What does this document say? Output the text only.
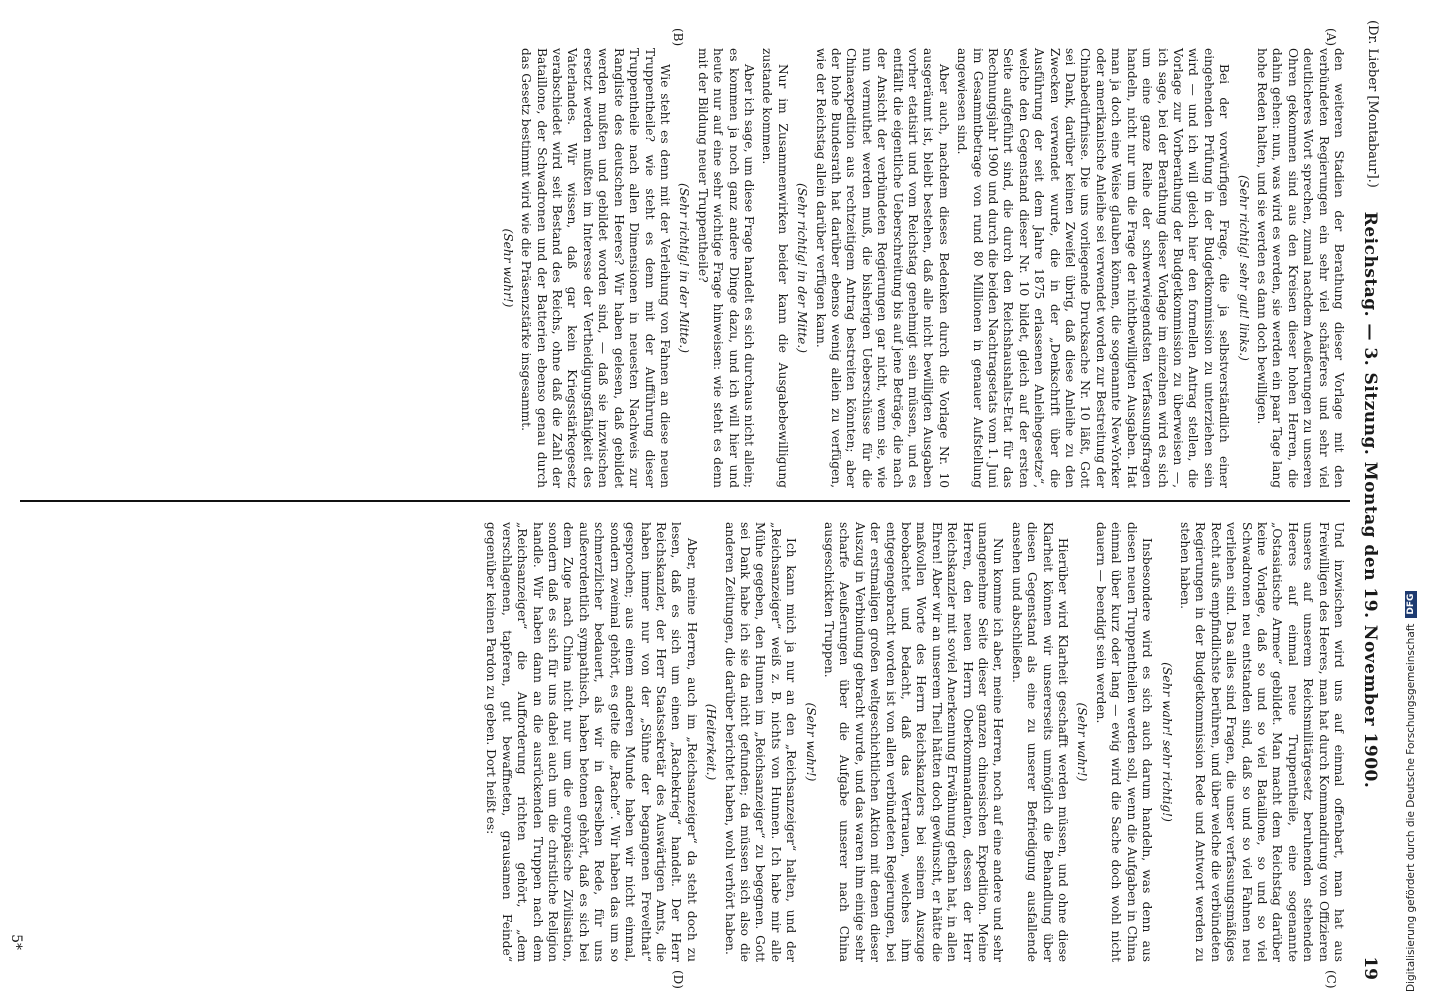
(Dr. Lieber [Montabaur].)
Reichstag. — 3. Sitzung. Montag den 19. November 1900.
19
(A)
(B)
(C)
(D)

den weiteren Stadien der Berathung dieser Vorlage mit den verbündeten Regierungen ein sehr viel schärferes und sehr viel deutlicheres Wort sprechen, zumal nachdem Aeußerungen zu unseren Ohren gekommen sind aus den Kreisen dieser hohen Herren, die dahin gehen: nun, was wird es werden, sie werden ein paar Tage lang hohe Reden halten, und sie werden es dann doch bewilligen.

(Sehr richtig! sehr gut! links.)

Bei der vorwürfigen Frage, die ja selbstverständlich einer eingehenden Prüfung in der Budgetkommission zu unterziehen sein wird — und ich will gleich hier den formellen Antrag stellen, die Vorlage zur Vorberathung der Budgetkommission zu überweisen —, ich sage, bei der Berathung dieser Vorlage im einzelnen wird es sich um eine ganze Reihe der schwerwiegendsten Verfassungsfragen handeln, nicht nur um die Frage der nichtbewilligten Ausgaben. Hat man ja doch eine Weise glauben können, die sogenannte New-Yorker oder amerikanische Anleihe sei verwendet worden zur Bestreitung der Chinabedürfnisse. Die uns vorliegende Drucksache Nr. 10 läßt, Gott sei Dank, darüber keinen Zweifel übrig, daß diese Anleihe zu den Zwecken verwendet wurde, die in der „Denkschrift über die Ausführung der seit dem Jahre 1875 erlassenen Anleihegesetze“, welche den Gegenstand dieser Nr. 10 bildet, gleich auf der ersten Seite aufgeführt sind, die durch den Reichshaushalts-Etat für das Rechnungsjahr 1900 und durch die beiden Nachtragsetats vom 1. Juni im Gesammtbetrage von rund 80 Millionen in genauer Aufstellung angewiesen sind.

Aber auch, nachdem dieses Bedenken durch die Vorlage Nr. 10 ausgeräumt ist, bleibt bestehen, daß alle nicht bewilligten Ausgaben vorher etatisirt und vom Reichstag genehmigt sein müssen, und es entfällt die eigentliche Ueberschreitung bis auf jene Beträge, die nach der Ansicht der verbündeten Regierungen gar nicht, wenn sie, wie nun vermuthet werden muß, die bisherigen Ueberschüsse für die Chinaexpedition aus rechtzeitigem Antrag bestreiten könnten; aber der hohe Bundesrath hat darüber ebenso wenig allein zu verfügen, wie der Reichstag allein darüber verfügen kann.

(Sehr richtig! in der Mitte.)

Nur im Zusammenwirken beider kann die Ausgabebewilligung zustande kommen.

Aber ich sage, um diese Frage handelt es sich durchaus nicht allein; es kommen ja noch ganz andere Dinge dazu, und ich will hier und heute nur auf eine sehr wichtige Frage hinweisen: wie steht es denn mit der Bildung neuer Truppentheile?

(Sehr richtig! in der Mitte.)

Wie steht es denn mit der Verleihung von Fahnen an diese neuen Truppentheile? wie steht es denn mit der Aufführung dieser Truppentheile nach allen Dimensionen in neuesten Nachweis zur Rangliste des deutschen Heeres? Wir haben gelesen, daß gebildet werden mußten und gebildet worden sind, — daß sie inzwischen ersetzt werden mußten im Interesse der Vertheidigungsfähigkeit des Vaterlandes. Wir wissen, daß gar kein Kriegsstärkegesetz verabschiedet wird seit Bestand des Reichs, ohne daß die Zahl der Bataillone, der Schwadronen und der Batterien ebenso genau durch das Gesetz bestimmt wird wie die Präsenzstärke insgesammt.

(Sehr wahr!)

Und inzwischen wird uns auf einmal offenbart, man hat aus Freiwilligen des Heeres, man hat durch Kommandirung von Offizieren unseres auf unserem Reichsmilitärgesetz beruhenden stehenden Heeres auf einmal neue Truppentheile, eine sogenannte „Ostasiatische Armee“ gebildet. Man macht dem Reichstag darüber keine Vorlage, daß so und so viel Bataillone, so und so viel Schwadronen neu entstanden sind, daß so und so viel Fahnen neu verliehen sind. Das alles sind Fragen, die unser verfassungsmäßiges Recht aufs empfindlichste berühren, und über welche die verbündeten Regierungen in der Budgetkommission Rede und Antwort werden zu stehen haben.

(Sehr wahr! sehr richtig!)

Insbesondere wird es sich auch darum handeln, was denn aus diesen neuen Truppentheilen werden soll, wenn die Aufgaben in China einmal über kurz oder lang — ewig wird die Sache doch wohl nicht dauern — beendigt sein werden.

(Sehr wahr!)

Hierüber wird Klarheit geschafft werden müssen, und ohne diese Klarheit können wir unsererseits unmöglich die Behandlung über diesen Gegenstand als eine zu unserer Befriedigung ausfallende ansehen und abschließen.

Nun komme ich aber, meine Herren, noch auf eine andere und sehr unangenehme Seite dieser ganzen chinesischen Expedition. Meine Herren, den neuen Herrn Oberkommandanten, dessen der Herr Reichskanzler mit soviel Anerkennung Erwähnung gethan hat, in allen Ehren! Aber wir an unserem Theil hätten doch gewünscht, er hätte die maßvollen Worte des Herrn Reichskanzlers bei seinem Auszuge beobachtet und bedacht, daß das Vertrauen, welches ihm entgegengebracht worden ist von allen verbündeten Regierungen, bei der erstmaligen großen weltgeschichtlichen Aktion mit denen dieser Auszug in Verbindung gebracht wurde, und das waren ihm einige sehr scharfe Aeußerungen über die Aufgabe unserer nach China ausgeschickten Truppen.

(Sehr wahr!)

Ich kann mich ja nur an den „Reichsanzeiger“ halten, und der „Reichsanzeiger“ weiß z. B. nichts von Hunnen. Ich habe mir alle Mühe gegeben, den Hunnen im „Reichsanzeiger“ zu begegnen. Gott sei Dank habe ich sie da nicht gefunden; da müssen sich also die anderen Zeitungen, die darüber berichtet haben, wohl verhört haben.

(Heiterkeit.)

Aber, meine Herren, auch im „Reichsanzeiger“ da steht doch zu lesen, daß es sich um einen „Rachekrieg“ handelt. Der Herr Reichskanzler, der Herr Staatssekretär des Auswärtigen Amts, die haben immer nur von der „Sühne der begangenen Frevelthat“ gesprochen; aus einem anderen Munde haben wir nicht einmal, sondern zweimal gehört, es gelte die „Rache“. Wir haben das um so schmerzlicher bedauert, als wir in derselben Rede, für uns außerordentlich sympathisch, haben betonen gehört, daß es sich bei dem Zuge nach China nicht nur um die europäische Zivilisation, sondern daß es sich für uns dabei auch um die christliche Religion handle. Wir haben dann an die ausrückenden Truppen nach dem „Reichsanzeiger“ die Aufforderung richten gehört, „dem verschlagenen, tapferen, gut bewaffneten, grausamen Feinde“ gegenüber keinen Pardon zu geben. Dort heißt es:

5*	Digitalisierung gefördert durch die Deutsche Forschungsgemeinschaft
DFG
